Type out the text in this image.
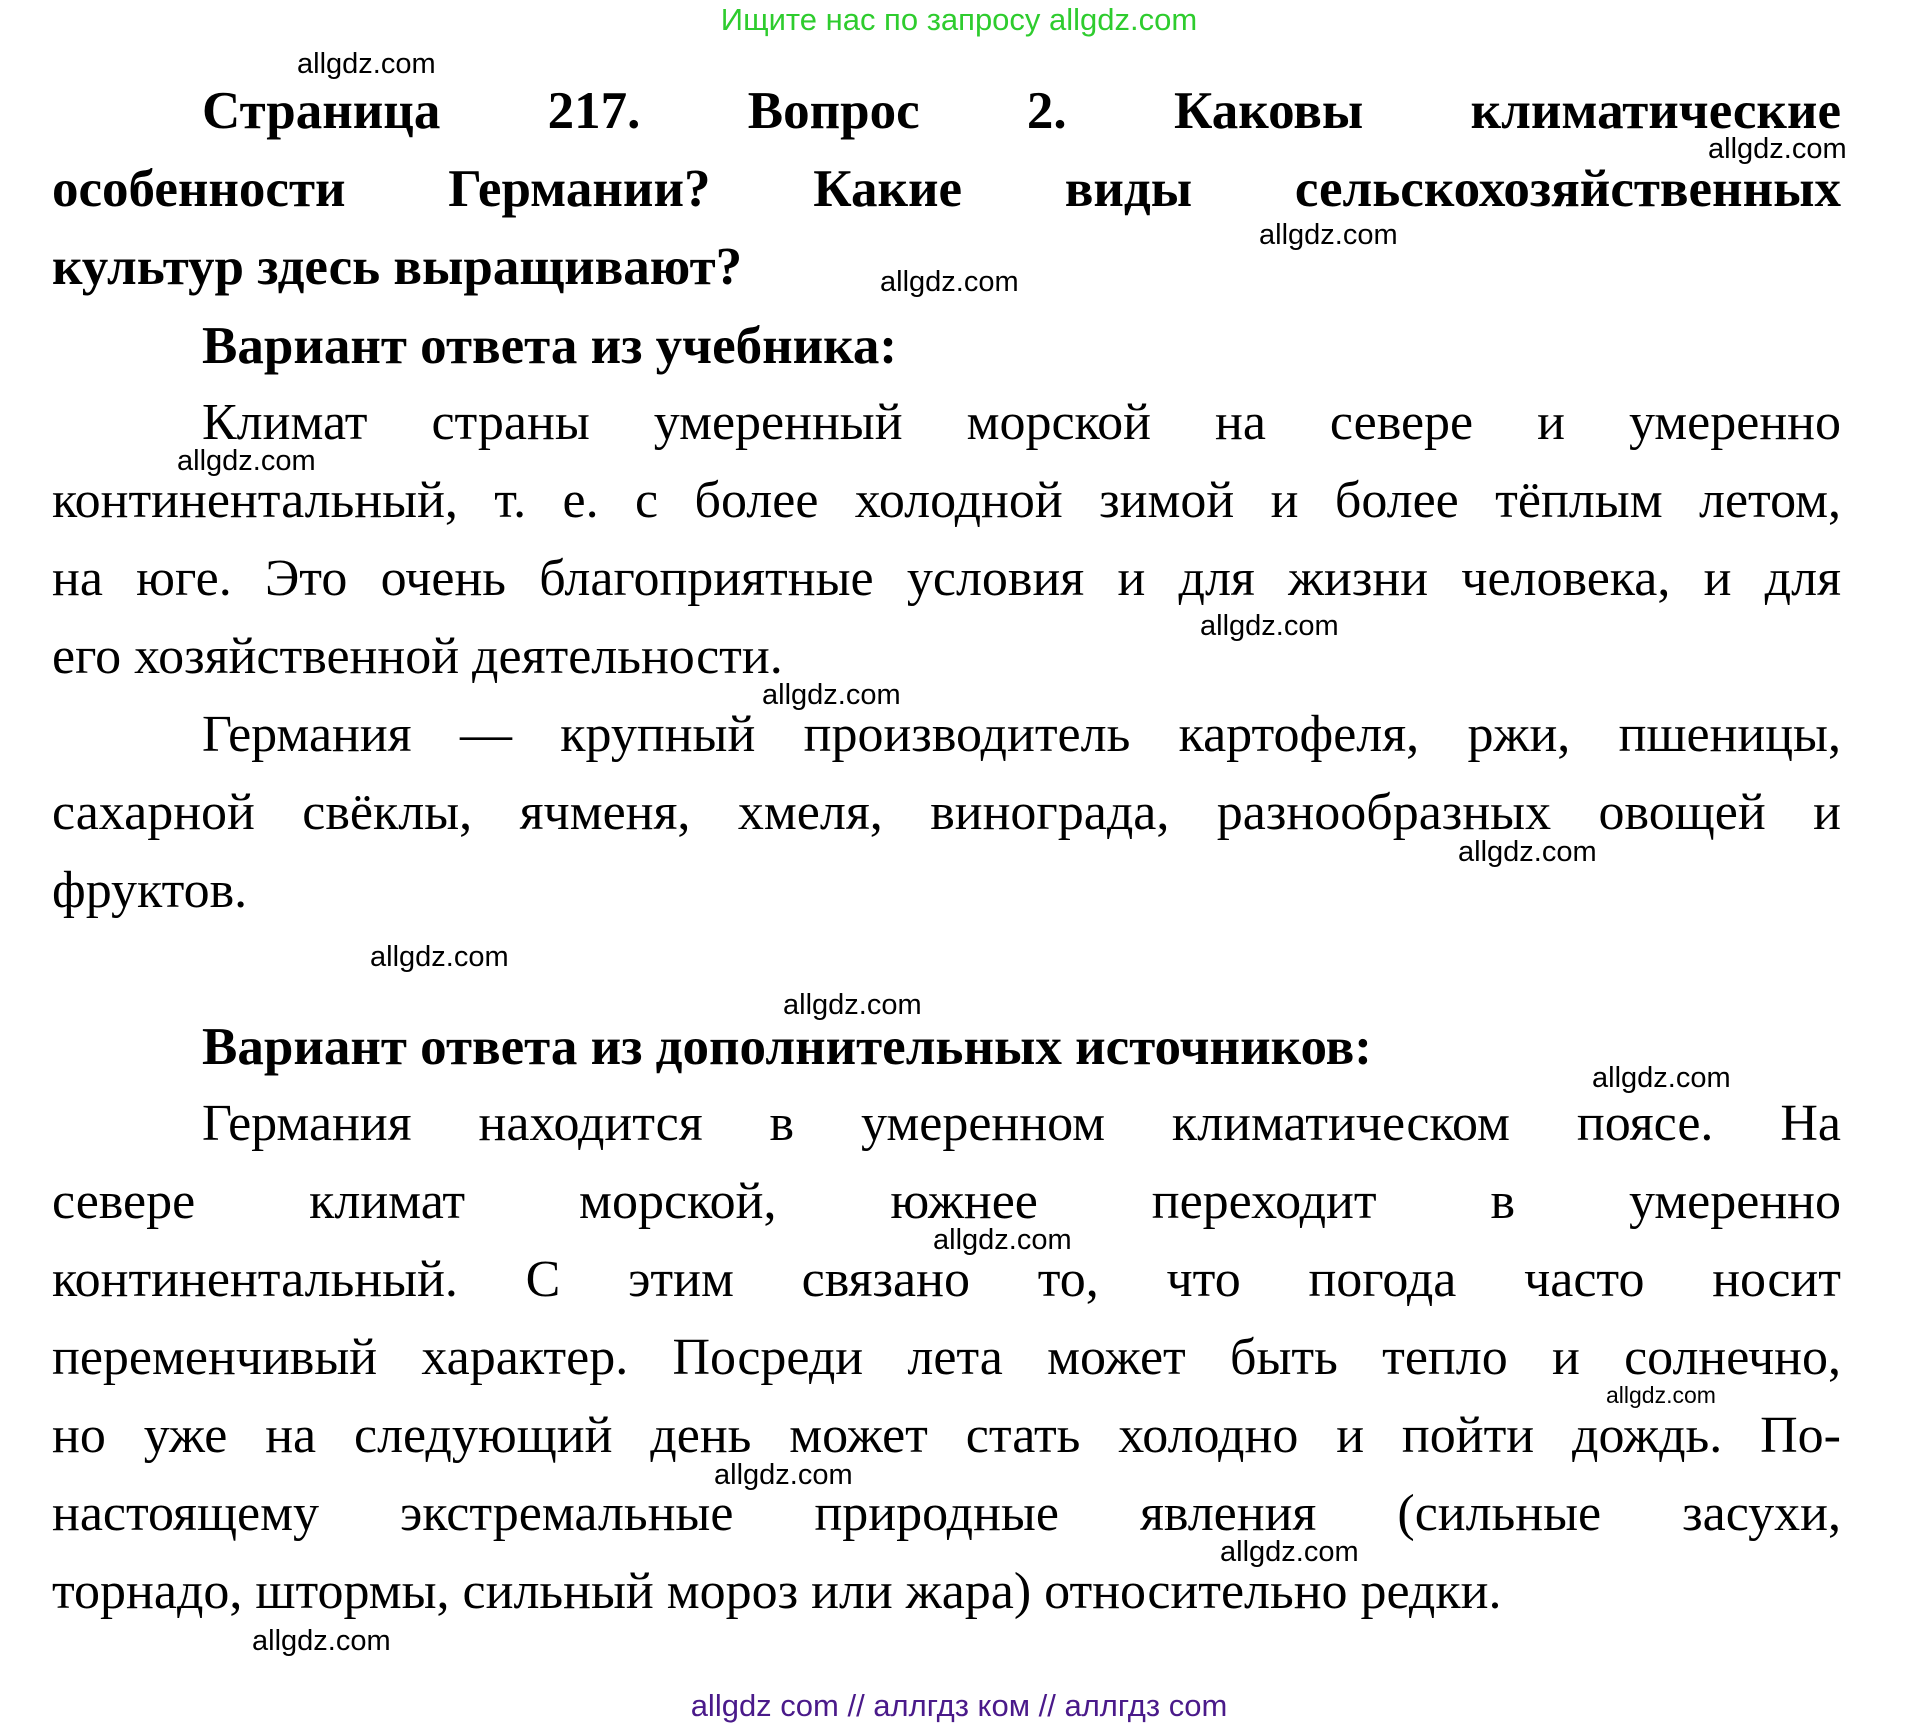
Ищите нас по запросу allgdz.com
Страница 217. Вопрос 2. Каковы климатические
особенности Германии? Какие виды сельскохозяйственных
культур здесь выращивают?
Вариант ответа из учебника:
Климат страны умеренный морской на севере и умеренно
континентальный, т. е. с более холодной зимой и более тёплым летом,
на юге. Это очень благоприятные условия и для жизни человека, и для
его хозяйственной деятельности.
Германия — крупный производитель картофеля, ржи, пшеницы,
сахарной свёклы, ячменя, хмеля, винограда, разнообразных овощей и
фруктов.
Вариант ответа из дополнительных источников:
Германия находится в умеренном климатическом поясе. На
севере климат морской, южнее переходит в умеренно
континентальный. С этим связано то, что погода часто носит
переменчивый характер. Посреди лета может быть тепло и солнечно,
но уже на следующий день может стать холодно и пойти дождь. По-
настоящему экстремальные природные явления (сильные засухи,
торнадо, штормы, сильный мороз или жара) относительно редки.
allgdz.com
allgdz.com
allgdz.com
allgdz.com
allgdz.com
allgdz.com
allgdz.com
allgdz.com
allgdz.com
allgdz.com
allgdz.com
allgdz.com
allgdz.com
allgdz.com
allgdz.com
allgdz.com
allgdz com // аллгдз ком // аллгдз com
